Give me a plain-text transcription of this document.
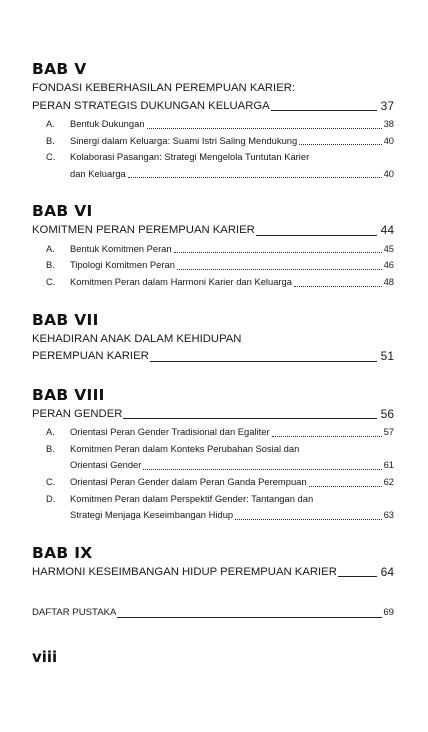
BAB V
FONDASI KEBERHASILAN PEREMPUAN KARIER:
PERAN STRATEGIS DUKUNGAN KELUARGA	37
A.	Bentuk Dukungan	38
B.	Sinergi dalam Keluarga: Suami Istri Saling Mendukung	40
C.	Kolaborasi Pasangan: Strategi Mengelola Tuntutan Karier
dan Keluarga	40
BAB VI
KOMITMEN PERAN PEREMPUAN KARIER	44
A.	Bentuk Komitmen Peran	45
B.	Tipologi Komitmen Peran	46
C.	Komitmen Peran dalam Harmoni Karier dan Keluarga	48
BAB VII
KEHADIRAN ANAK DALAM KEHIDUPAN
PEREMPUAN KARIER	51
BAB VIII
PERAN GENDER	56
A.	Orientasi Peran Gender Tradisional dan Egaliter	57
B.	Komitmen Peran dalam Konteks Perubahan Sosial dan
Orientasi Gender	61
C.	Orientasi Peran Gender dalam Peran Ganda Perempuan	62
D.	Komitmen Peran dalam Perspektif Gender: Tantangan dan
Strategi Menjaga Keseimbangan Hidup	63
BAB IX
HARMONI KESEIMBANGAN HIDUP PEREMPUAN KARIER	64
DAFTAR PUSTAKA	69
viii
